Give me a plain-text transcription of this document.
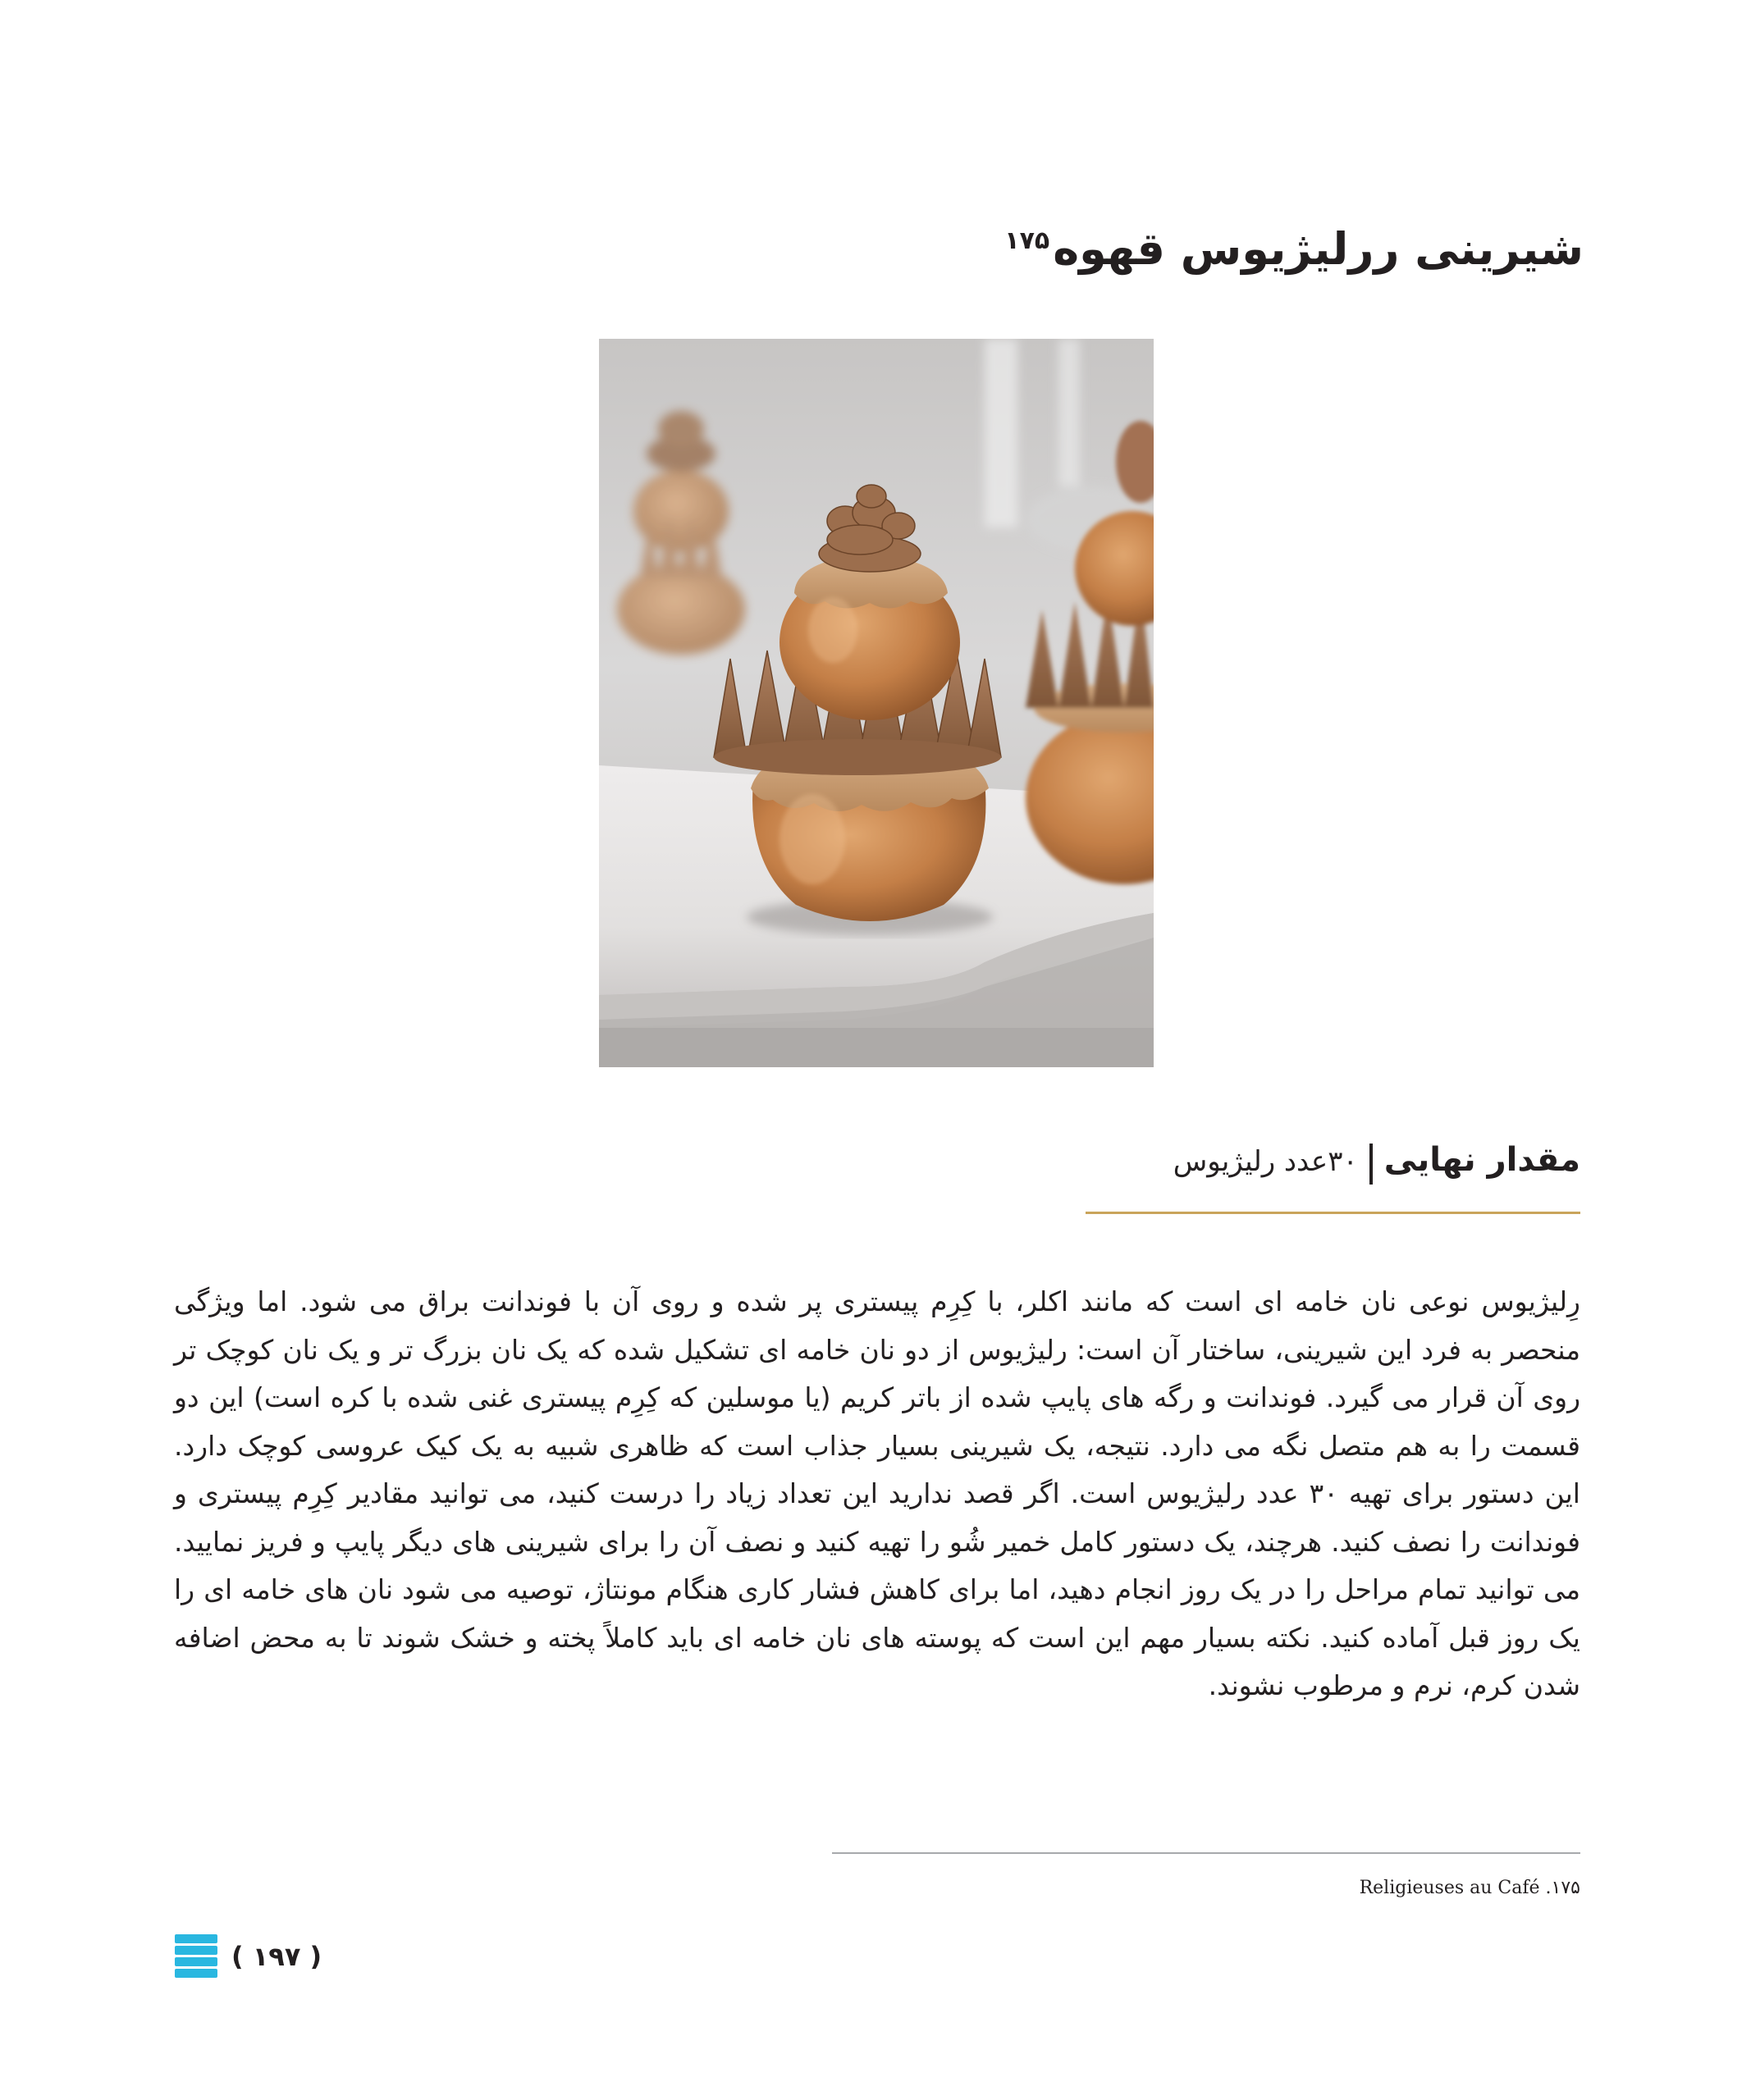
شیرینی ررلیژیوس قهوه$^{۱۷۵}$
مقدار نهایی۳۰عدد رلیژیوس

رِلیژیوس نوعی نان خامه ای است که مانند اکلر، با کِرِم پیستری پر شده و روی آن با فوندانت براق می شود. اما ویژگی منحصر به فرد این شیرینی، ساختار آن است: رلیژیوس از دو نان خامه ای تشکیل شده که یک نان بزرگ تر و یک نان کوچک تر روی آن قرار می گیرد. فوندانت و رگه های پایپ شده از باتر کریم (یا موسلین که کِرِم پیستری غنی شده با کره است) این دو قسمت را به هم متصل نگه می دارد. نتیجه، یک شیرینی بسیار جذاب است که ظاهری شبیه به یک کیک عروسی کوچک دارد. این دستور برای تهیه ۳۰ عدد رلیژیوس است. اگر قصد ندارید این تعداد زیاد را درست کنید، می توانید مقادیر کِرِم پیستری و فوندانت را نصف کنید. هرچند، یک دستور کامل خمیر شُو را تهیه کنید و نصف آن را برای شیرینی های دیگر پایپ و فریز نمایید. می توانید تمام مراحل را در یک روز انجام دهید، اما برای کاهش فشار کاری هنگام مونتاژ، توصیه می شود نان های خامه ای را یک روز قبل آماده کنید. نکته بسیار مهم این است که پوسته های نان خامه ای باید کاملاً پخته و خشک شوند تا به محض اضافه شدن کرم، نرم و مرطوب نشوند.

۱۷۵. Religieuses au Café
( ۱۹۷ )
